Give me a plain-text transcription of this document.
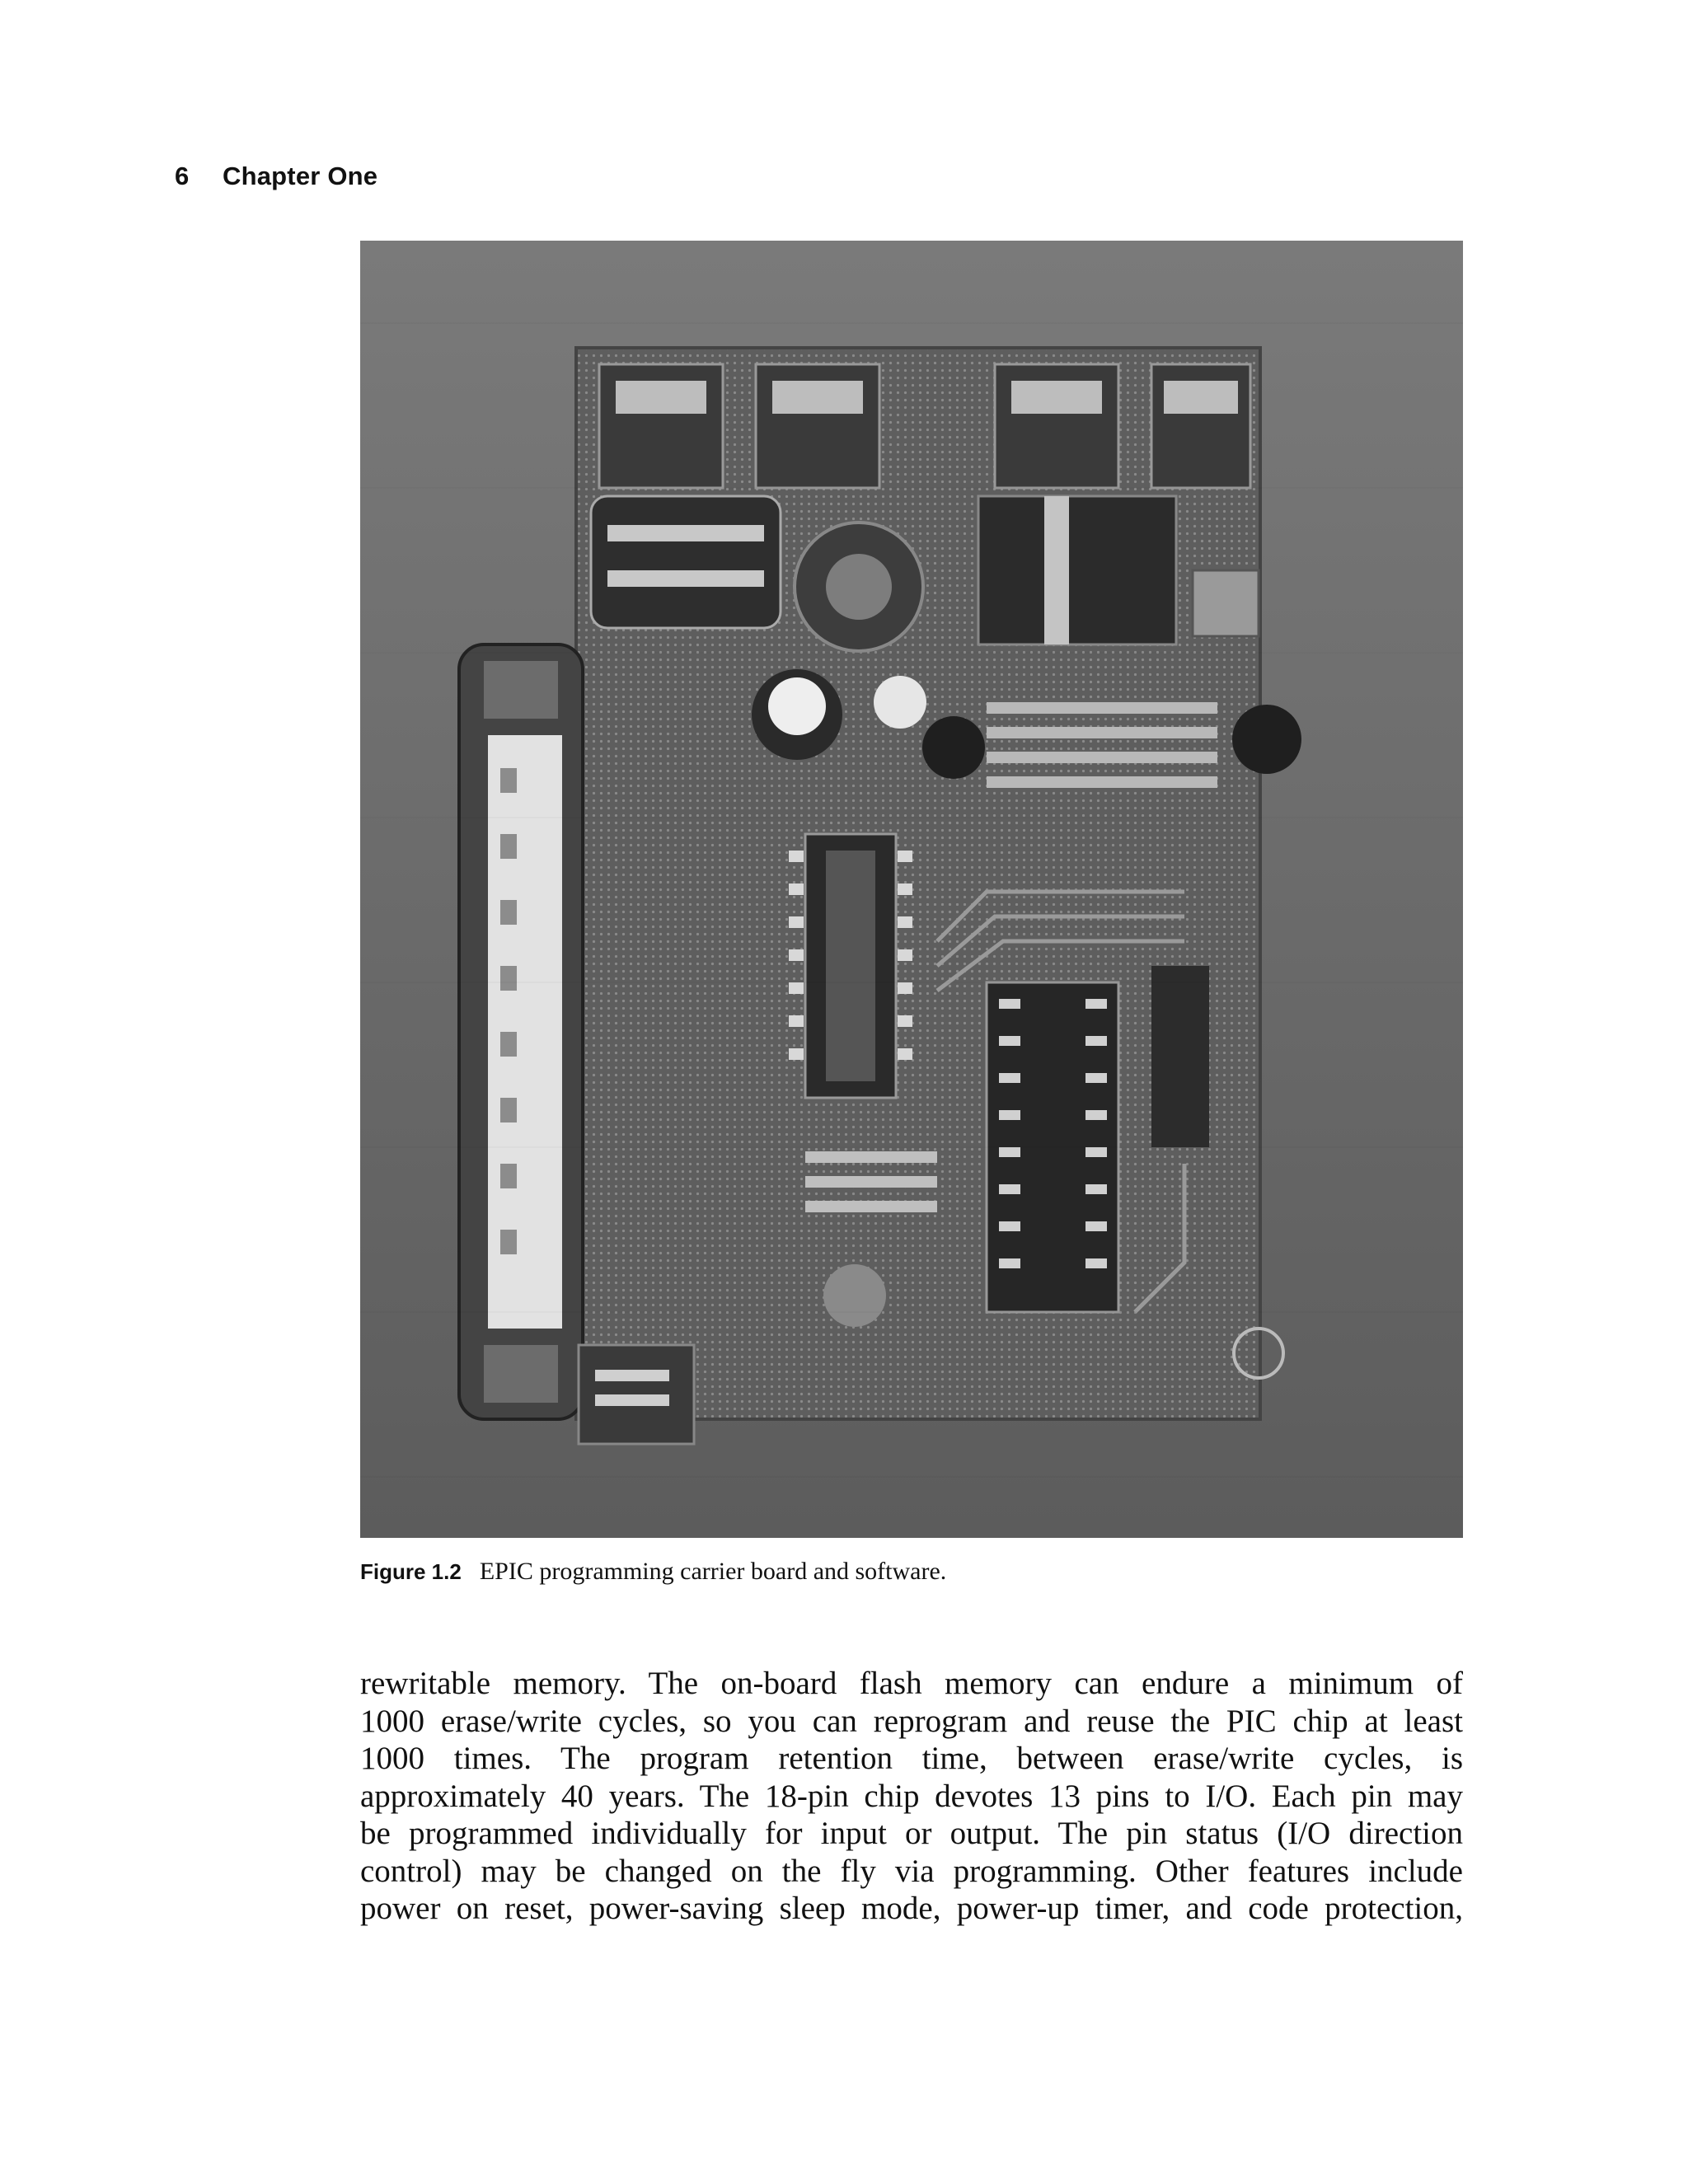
6 Chapter One
Figure 1.2 EPIC programming carrier board and software.

rewritable memory. The on-board flash memory can endure a minimum of
1000 erase/write cycles, so you can reprogram and reuse the PIC chip at least
1000 times. The program retention time, between erase/write cycles, is
approximately 40 years. The 18-pin chip devotes 13 pins to I/O. Each pin may
be programmed individually for input or output. The pin status (I/O direction
control) may be changed on the fly via programming. Other features include
power on reset, power-saving sleep mode, power-up timer, and code protection,
